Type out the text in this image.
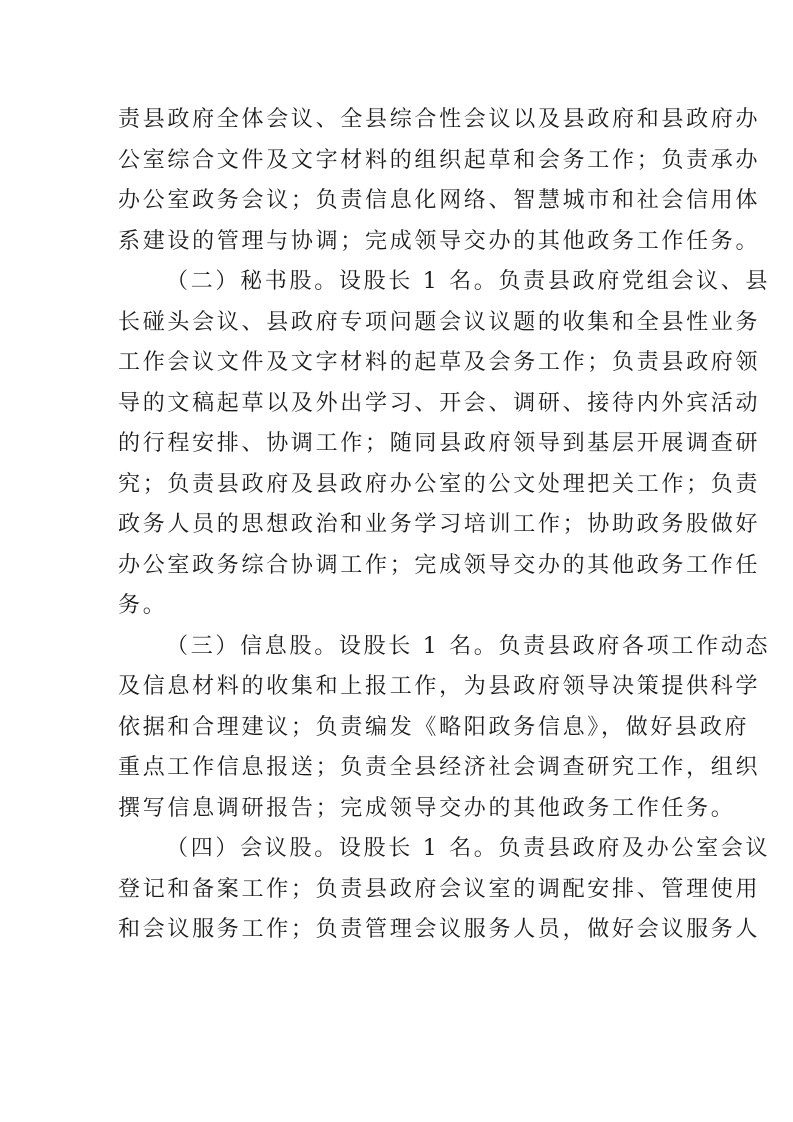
责县政府全体会议、全县综合性会议以及县政府和县政府办
公室综合文件及文字材料的组织起草和会务工作；负责承办
办公室政务会议；负责信息化网络、智慧城市和社会信用体
系建设的管理与协调；完成领导交办的其他政务工作任务。
（二）秘书股。设股长 1 名。负责县政府党组会议、县
长碰头会议、县政府专项问题会议议题的收集和全县性业务
工作会议文件及文字材料的起草及会务工作；负责县政府领
导的文稿起草以及外出学习、开会、调研、接待内外宾活动
的行程安排、协调工作；随同县政府领导到基层开展调查研
究；负责县政府及县政府办公室的公文处理把关工作；负责
政务人员的思想政治和业务学习培训工作；协助政务股做好
办公室政务综合协调工作；完成领导交办的其他政务工作任
务。
（三）信息股。设股长 1 名。负责县政府各项工作动态
及信息材料的收集和上报工作，为县政府领导决策提供科学
依据和合理建议；负责编发《略阳政务信息》，做好县政府
重点工作信息报送；负责全县经济社会调查研究工作，组织
撰写信息调研报告；完成领导交办的其他政务工作任务。
（四）会议股。设股长 1 名。负责县政府及办公室会议
登记和备案工作；负责县政府会议室的调配安排、管理使用
和会议服务工作；负责管理会议服务人员，做好会议服务人
